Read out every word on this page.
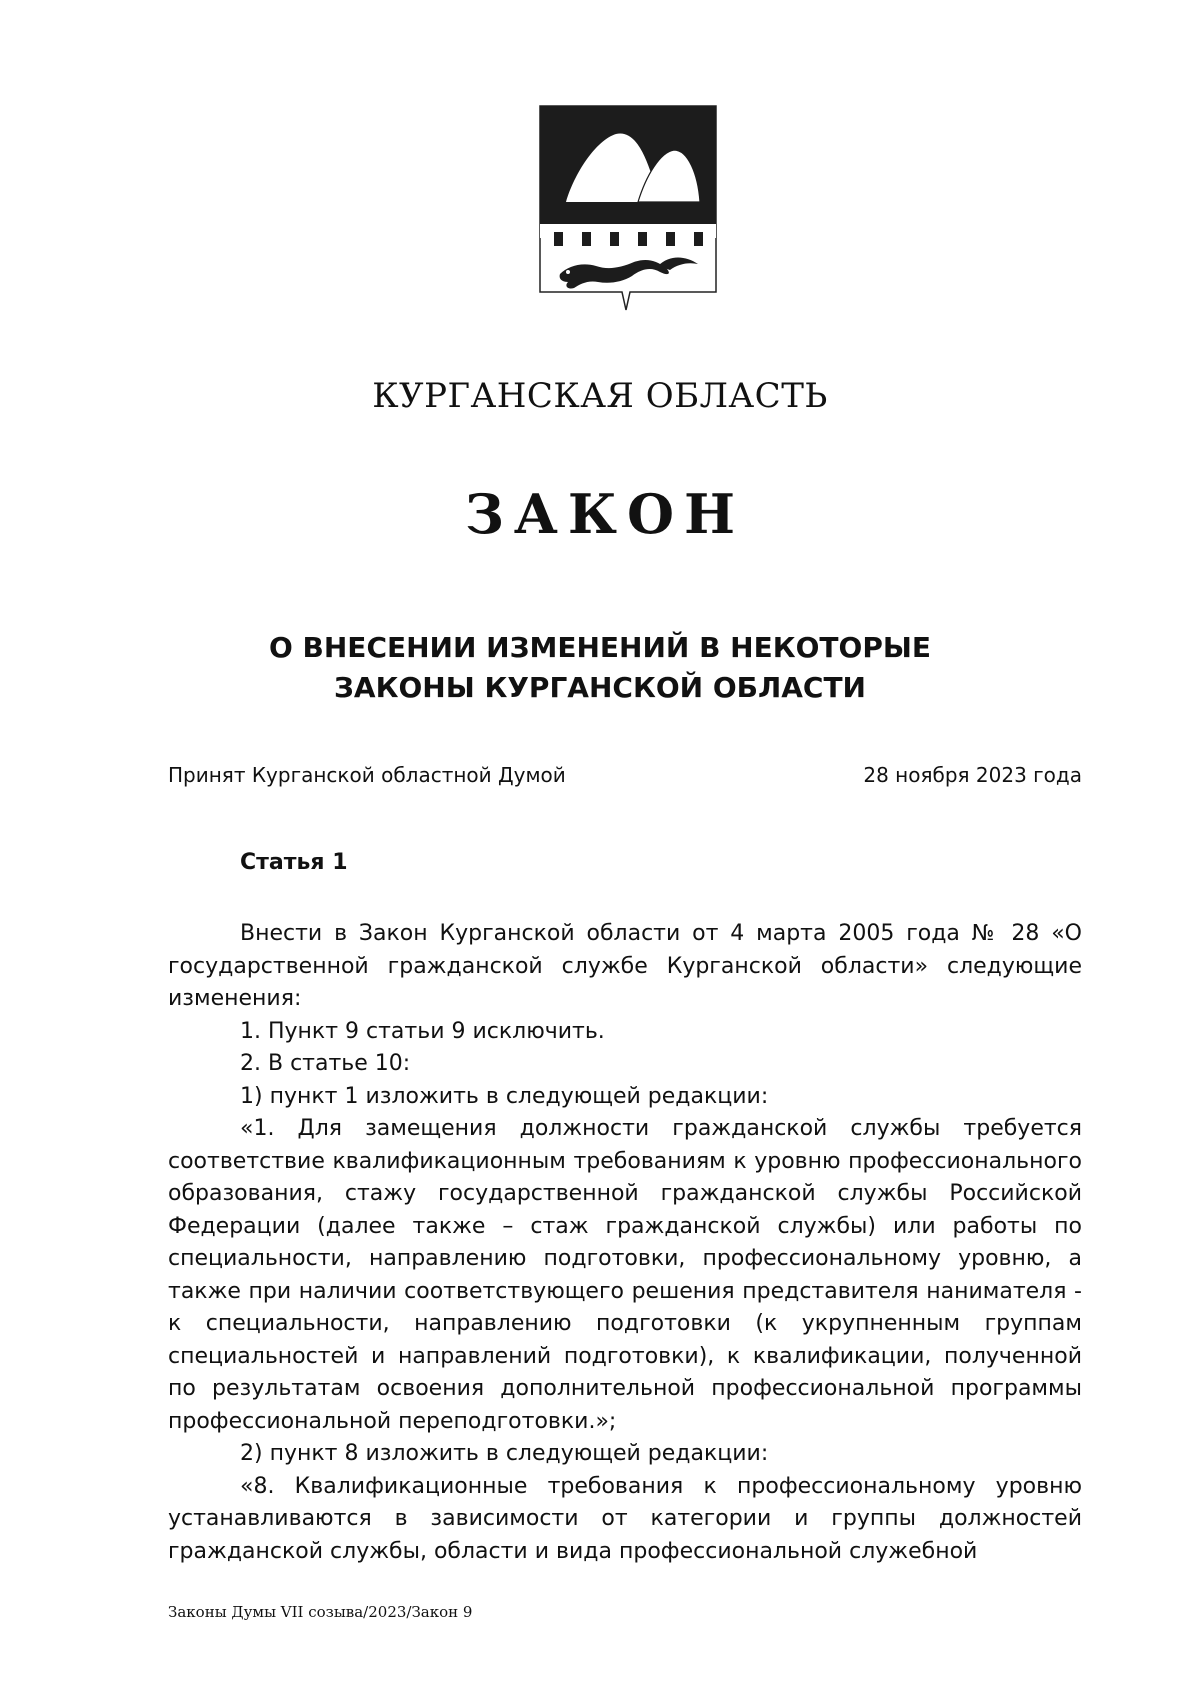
КУРГАНСКАЯ ОБЛАСТЬ
ЗАКОН
О ВНЕСЕНИИ ИЗМЕНЕНИЙ В НЕКОТОРЫЕ
ЗАКОНЫ КУРГАНСКОЙ ОБЛАСТИ
Принят Курганской областной Думой	28 ноября 2023 года
Статья 1

Внести в Закон Курганской области от 4 марта 2005 года № 28 «О государственной гражданской службе Курганской области» следующие изменения:

1. Пункт 9 статьи 9 исключить.

2. В статье 10:

1) пункт 1 изложить в следующей редакции:

«1. Для замещения должности гражданской службы требуется соответствие квалификационным требованиям к уровню профессионального образования, стажу государственной гражданской службы Российской Федерации (далее также – стаж гражданской службы) или работы по специальности, направлению подготовки, профессиональному уровню, а также при наличии соответствующего решения представителя нанимателя - к специальности, направлению подготовки (к укрупненным группам специальностей и направлений подготовки), к квалификации, полученной по результатам освоения дополнительной профессиональной программы профессиональной переподготовки.»;

2) пункт 8 изложить в следующей редакции:

«8. Квалификационные требования к профессиональному уровню устанавливаются в зависимости от категории и группы должностей гражданской службы, области и вида профессиональной служебной

Законы Думы VII созыва/2023/Закон 9
